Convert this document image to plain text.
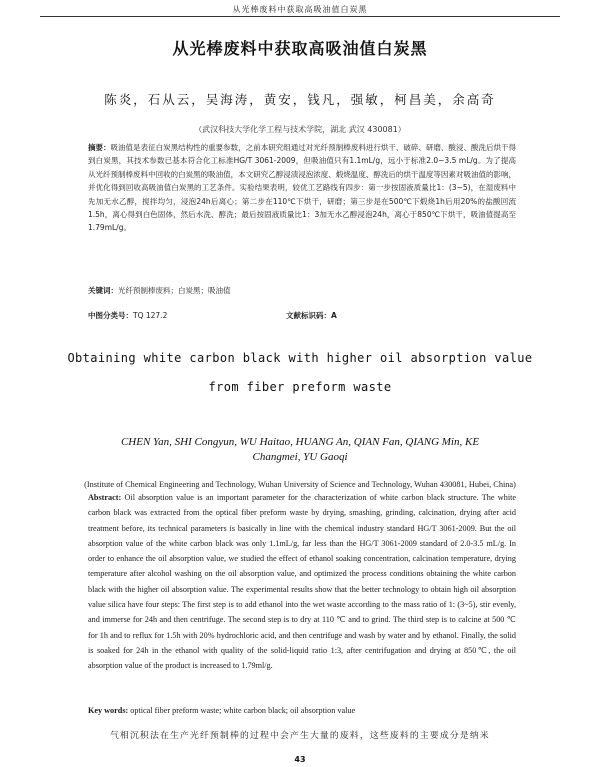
从光棒废料中获取高吸油值白炭黑
从光棒废料中获取高吸油值白炭黑
陈炎，石从云，吴海涛，黄安，钱凡，强敏，柯昌美，余高奇
（武汉科技大学化学工程与技术学院，湖北 武汉 430081）

摘要：吸油值是表征白炭黑结构性的重要参数，之前本研究组通过对光纤预制棒废料进行烘干、破碎、研磨、酸浸、酸洗后烘干得到白炭黑，其技术参数已基本符合化工标准HG/T 3061-2009，但吸油值只有1.1mL/g，远小于标准2.0~3.5 mL/g。为了提高从光纤预制棒废料中回收的白炭黑的吸油值，本文研究乙醇浸渍浸泡浓度、煅烧温度、醇洗后的烘干温度等因素对吸油值的影响，并优化得到回收高吸油值白炭黑的工艺条件。实验结果表明，较优工艺路线有四步：第一步按固液质量比1：(3~5)，在湿废料中先加无水乙醇，搅拌均匀，浸泡24h后离心；第二步在110℃下烘干，研磨；第三步是在500℃下煅烧1h后用20%的盐酸回流1.5h，离心得到白色固体，然后水洗、醇洗；最后按固液质量比1：3加无水乙醇浸泡24h，离心于850℃下烘干，吸油值提高至1.79mL/g。

关键词：光纤预制棒废料；白炭黑；吸油值
中图分类号：TQ 127.2	文献标识码：A
Obtaining white carbon black with higher oil absorption value from fiber preform waste
CHEN Yan, SHI Congyun, WU Haitao, HUANG An, QIAN Fan, QIANG Min, KE Changmei, YU Gaoqi
(Institute of Chemical Engineering and Technology, Wuhan University of Science and Technology, Wuhan 430081, Hubei, China)

Abstract: Oil absorption value is an important parameter for the characterization of white carbon black structure. The white carbon black was extracted from the optical fiber preform waste by drying, smashing, grinding, calcination, drying after acid treatment before, its technical parameters is basically in line with the chemical industry standard HG/T 3061-2009. But the oil absorption value of the white carbon black was only 1.1mL/g, far less than the HG/T 3061-2009 standard of 2.0-3.5 mL/g. In order to enhance the oil absorption value, we studied the effect of ethanol soaking concentration, calcination temperature, drying temperature after alcohol washing on the oil absorption value, and optimized the process conditions obtaining the white carbon black with the higher oil absorption value. The experimental results show that the better technology to obtain high oil absorption value silica have four steps: The first step is to add ethanol into the wet waste according to the mass ratio of 1: (3~5), stir evenly, and immerse for 24h and then centrifuge. The second step is to dry at 110 ℃ and to grind. The third step is to calcine at 500 ℃ for 1h and to reflux for 1.5h with 20% hydrochloric acid, and then centrifuge and wash by water and by ethanol. Finally, the solid is soaked for 24h in the ethanol with quality of the solid-liquid ratio 1:3, after centrifugation and drying at 850℃, the oil absorption value of the product is increased to 1.79ml/g.

Key words: optical fiber preform waste; white carbon black; oil absorption value
气相沉积法在生产光纤预制棒的过程中会产生大量的废料，这些废料的主要成分是纳米
43
